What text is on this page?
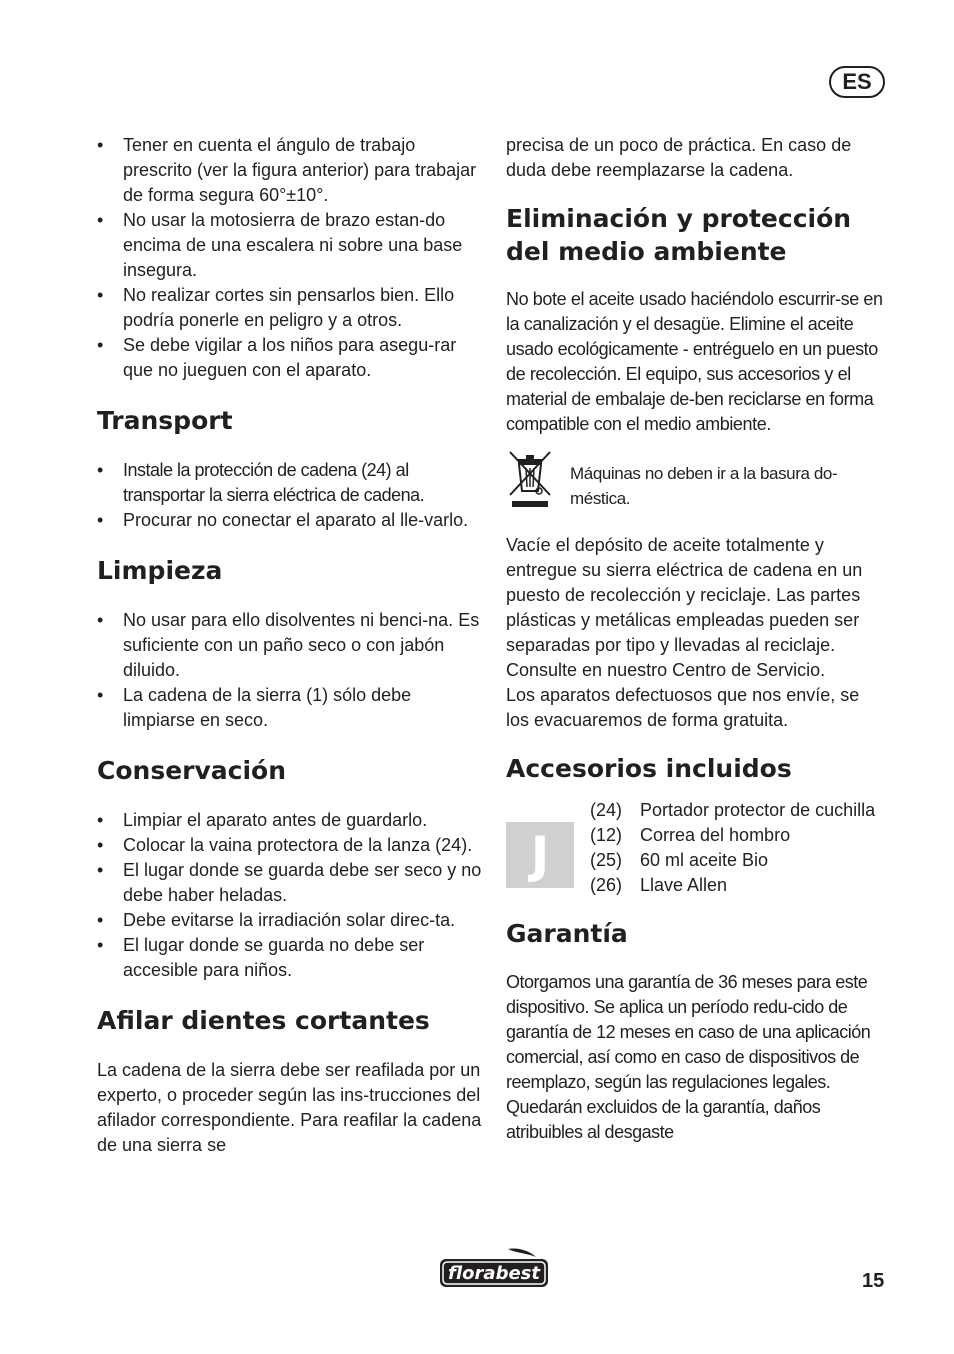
ES
• Tener en cuenta el ángulo de trabajo prescrito (ver la figura anterior) para trabajar de forma segura 60°±10°.
• No usar la motosierra de brazo estan-do encima de una escalera ni sobre una base insegura.
• No realizar cortes sin pensarlos bien. Ello podría ponerle en peligro y a otros.
• Se debe vigilar a los niños para asegu-rar que no jueguen con el aparato.
Transport
• Instale la protección de cadena (24) al transportar la sierra eléctrica de cadena.
• Procurar no conectar el aparato al lle-varlo.
Limpieza
• No usar para ello disolventes ni benci-na. Es suficiente con un paño seco o con jabón diluido.
• La cadena de la sierra (1) sólo debe limpiarse en seco.
Conservación
• Limpiar el aparato antes de guardarlo.
• Colocar la vaina protectora de la lanza (24).
• El lugar donde se guarda debe ser seco y no debe haber heladas.
• Debe evitarse la irradiación solar direc-ta.
• El lugar donde se guarda no debe ser accesible para niños.
Afilar dientes cortantes

La cadena de la sierra debe ser reafilada por un experto, o proceder según las ins-trucciones del afilador correspondiente. Para reafilar la cadena de una sierra se

precisa de un poco de práctica. En caso de duda debe reemplazarse la cadena.

Eliminación y protección del medio ambiente

No bote el aceite usado haciéndolo escurrir-se en la canalización y el desagüe. Elimine el aceite usado ecológicamente - entréguelo en un puesto de recolección. El equipo, sus accesorios y el material de embalaje de-ben reciclarse en forma compatible con el medio ambiente.

Máquinas no deben ir a la basura do-méstica.

Vacíe el depósito de aceite totalmente y entregue su sierra eléctrica de cadena en un puesto de recolección y reciclaje. Las partes plásticas y metálicas empleadas pueden ser separadas por tipo y llevadas al reciclaje. Consulte en nuestro Centro de Servicio.

Los aparatos defectuosos que nos envíe, se los evacuaremos de forma gratuita.

Accesorios incluidos
J
(24) Portador protector de cuchilla
(12) Correa del hombro
(25) 60 ml aceite Bio
(26) Llave Allen
Garantía

Otorgamos una garantía de 36 meses para este dispositivo. Se aplica un período redu-cido de garantía de 12 meses en caso de una aplicación comercial, así como en caso de dispositivos de reemplazo, según las regulaciones legales. Quedarán excluidos de la garantía, daños atribuibles al desgaste

florabest	15
